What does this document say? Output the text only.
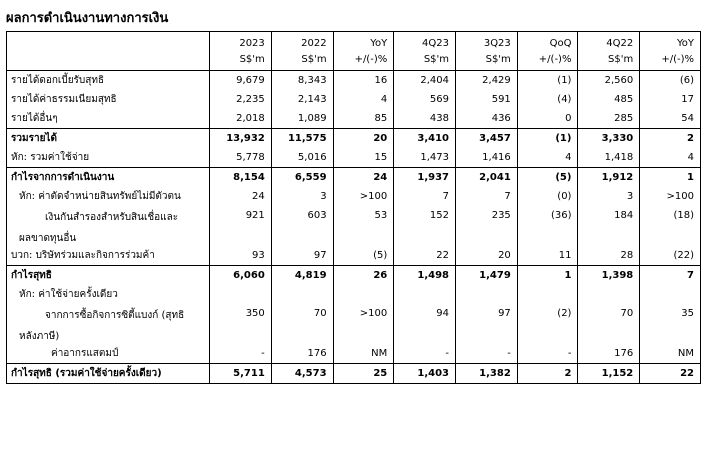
ผลการดำเนินงานทางการเงิน
	2023	2022	YoY	4Q23	3Q23	QoQ	4Q22	YoY
	S$'m	S$'m	+/(-)%	S$'m	S$'m	+/(-)%	S$'m	+/(-)%

รายได้ดอกเบี้ยรับสุทธิ	9,679	8,343	16	2,404	2,429	(1)	2,560	(6)

รายได้ค่าธรรมเนียมสุทธิ	2,235	2,143	4	569	591	(4)	485	17

รายได้อื่นๆ	2,018	1,089	85	438	436	0	285	54

รวมรายได้	13,932	11,575	20	3,410	3,457	(1)	3,330	2

หัก: รวมค่าใช้จ่าย	5,778	5,016	15	1,473	1,416	4	1,418	4

กำไรจากการดำเนินงาน	8,154	6,559	24	1,937	2,041	(5)	1,912	1

หัก: ค่าตัดจำหน่ายสินทรัพย์ไม่มีตัวตน	24	3	>100	7	7	(0)	3	>100

เงินกันสำรองสำหรับสินเชื่อและ
ผลขาดทุนอื่น	921	603	53	152	235	(36)	184	(18)

บวก: บริษัทร่วมและกิจการร่วมค้า	93	97	(5)	22	20	11	28	(22)

กำไรสุทธิ	6,060	4,819	26	1,498	1,479	1	1,398	7

หัก: ค่าใช้จ่ายครั้งเดียว								

จากการซื้อกิจการซิตี้แบงก์ (สุทธิ
หลังภาษี)	350	70	>100	94	97	(2)	70	35

ค่าอากรแสตมป์	-	176	NM	-	-	-	176	NM

กำไรสุทธิ (รวมค่าใช้จ่ายครั้งเดียว)	5,711	4,573	25	1,403	1,382	2	1,152	22
